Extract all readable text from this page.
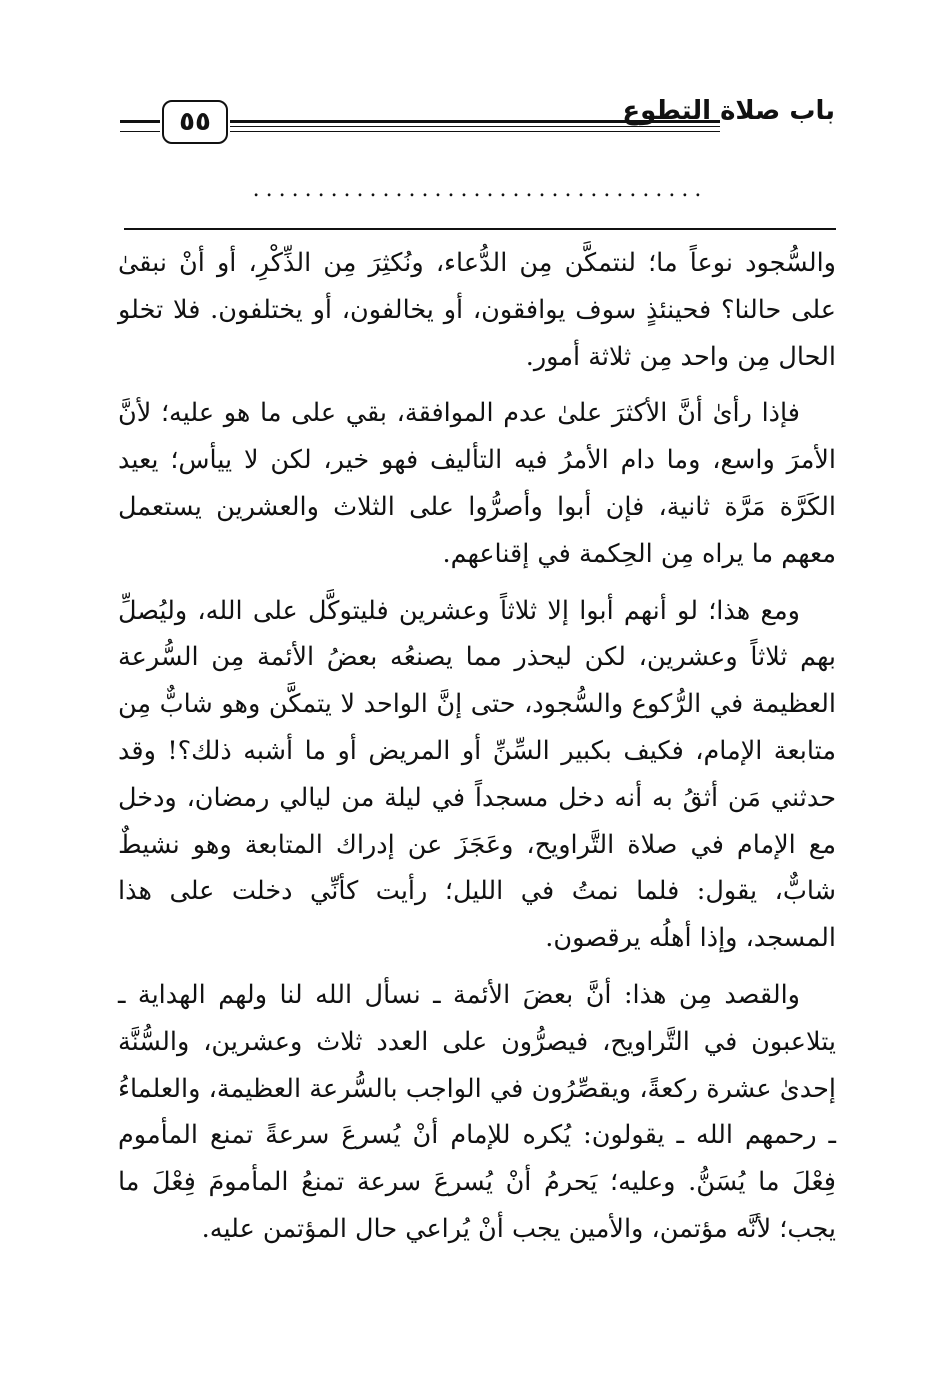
باب صلاة التطوع
٥٥
...................................

والسُّجود نوعاً ما؛ لنتمكَّن مِن الدُّعاء، ونُكثِرَ مِن الذِّكْرِ، أو أنْ نبقىٰ على حالنا؟ فحينئذٍ سوف يوافقون، أو يخالفون، أو يختلفون. فلا تخلو الحال مِن واحد مِن ثلاثة أمور.

فإذا رأىٰ أنَّ الأكثرَ علىٰ عدم الموافقة، بقي على ما هو عليه؛ لأنَّ الأمرَ واسع، وما دام الأمرُ فيه التأليف فهو خير، لكن لا ييأس؛ يعيد الكَرَّة مَرَّة ثانية، فإن أبوا وأصرُّوا على الثلاث والعشرين يستعمل معهم ما يراه مِن الحِكمة في إقناعهم.

ومع هذا؛ لو أنهم أبوا إلا ثلاثاً وعشرين فليتوكَّل على الله، وليُصلِّ بهم ثلاثاً وعشرين، لكن ليحذر مما يصنعُه بعضُ الأئمة مِن السُّرعة العظيمة في الرُّكوع والسُّجود، حتى إنَّ الواحد لا يتمكَّن وهو شابٌّ مِن متابعة الإمام، فكيف بكبير السِّنِّ أو المريض أو ما أشبه ذلك؟! وقد حدثني مَن أثقُ به أنه دخل مسجداً في ليلة من ليالي رمضان، ودخل مع الإمام في صلاة التَّراويح، وعَجَزَ عن إدراك المتابعة وهو نشيطٌ شابٌّ، يقول: فلما نمتُ في الليل؛ رأيت كأنِّي دخلت على هذا المسجد، وإذا أهلُه يرقصون.

والقصد مِن هذا: أنَّ بعضَ الأئمة ـ نسأل الله لنا ولهم الهداية ـ يتلاعبون في التَّراويح، فيصرُّون على العدد ثلاث وعشرين، والسُّنَّة إحدىٰ عشرة ركعةً، ويقصِّرُون في الواجب بالسُّرعة العظيمة، والعلماءُ ـ رحمهم الله ـ يقولون: يُكره للإمام أنْ يُسرعَ سرعةً تمنع المأموم فِعْلَ ما يُسَنُّ. وعليه؛ يَحرمُ أنْ يُسرعَ سرعة تمنعُ المأمومَ فِعْلَ ما يجب؛ لأنَّه مؤتمن، والأمين يجب أنْ يُراعي حال المؤتمن عليه.
